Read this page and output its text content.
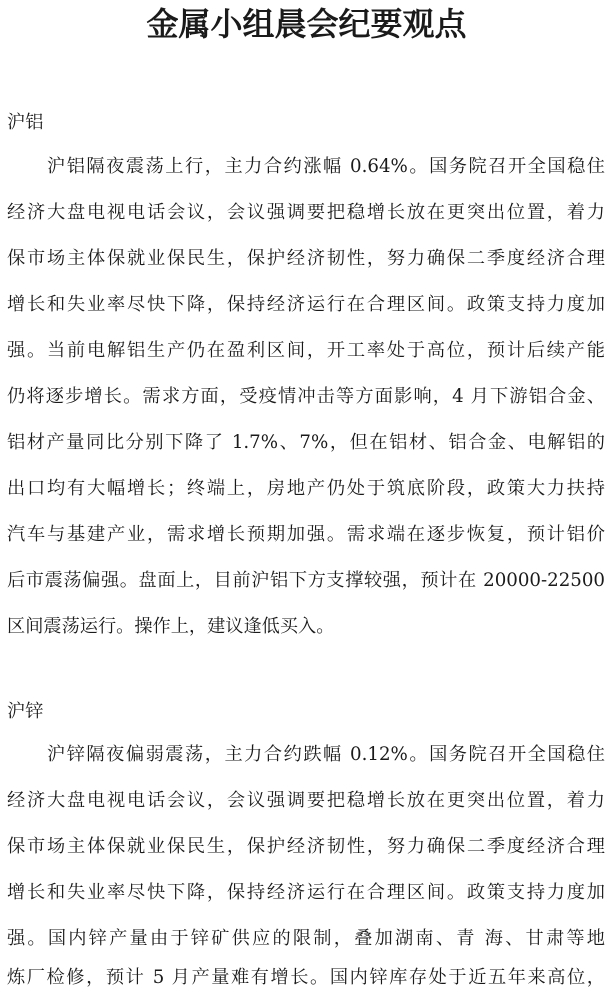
金属小组晨会纪要观点
沪铝
沪铝隔夜震荡上行，主力合约涨幅 0.64%。国务院召开全国稳住
经济大盘电视电话会议，会议强调要把稳增长放在更突出位置，着力
保市场主体保就业保民生，保护经济韧性，努力确保二季度经济合理
增长和失业率尽快下降，保持经济运行在合理区间。政策支持力度加
强。当前电解铝生产仍在盈利区间，开工率处于高位，预计后续产能
仍将逐步增长。需求方面，受疫情冲击等方面影响，4 月下游铝合金、
铝材产量同比分别下降了 1.7%、7%，但在铝材、铝合金、电解铝的
出口均有大幅增长；终端上，房地产仍处于筑底阶段，政策大力扶持
汽车与基建产业，需求增长预期加强。需求端在逐步恢复，预计铝价
后市震荡偏强。盘面上，目前沪铝下方支撑较强，预计在 20000-22500
区间震荡运行。操作上，建议逢低买入。
沪锌
沪锌隔夜偏弱震荡，主力合约跌幅 0.12%。国务院召开全国稳住
经济大盘电视电话会议，会议强调要把稳增长放在更突出位置，着力
保市场主体保就业保民生，保护经济韧性，努力确保二季度经济合理
增长和失业率尽快下降，保持经济运行在合理区间。政策支持力度加
强。国内锌产量由于锌矿供应的限制，叠加湖南、青 海、甘肃等地
炼厂检修，预计 5 月产量难有增长。国内锌库存处于近五年来高位，
